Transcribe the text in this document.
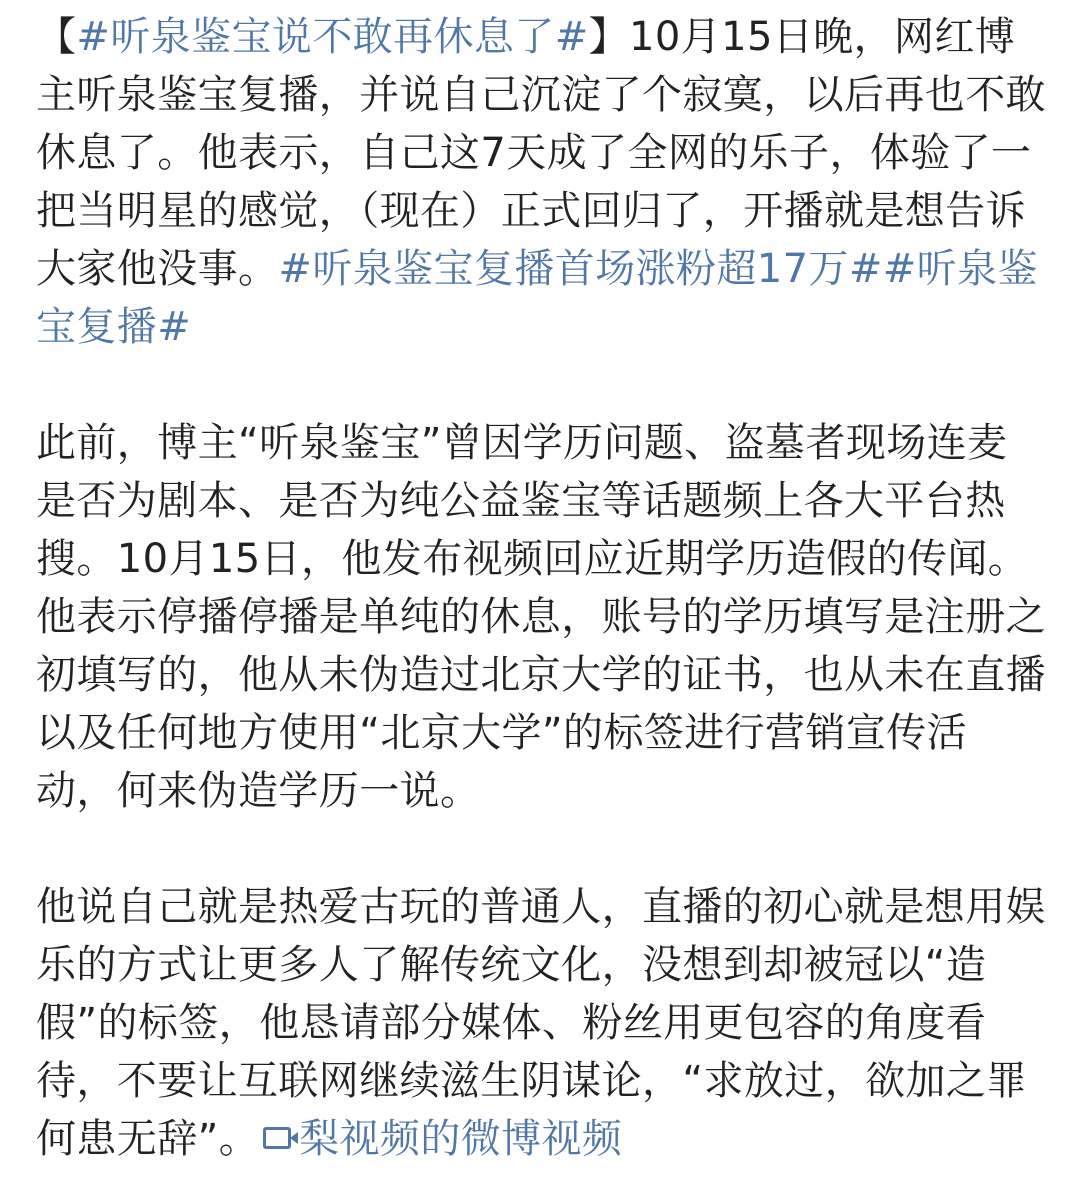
【#听泉鉴宝说不敢再休息了#】10月15日晚，网红博主听泉鉴宝复播，并说自己沉淀了个寂寞，以后再也不敢休息了。他表示，自己这7天成了全网的乐子，体验了一把当明星的感觉，（现在）正式回归了，开播就是想告诉大家他没事。#听泉鉴宝复播首场涨粉超17万##听泉鉴宝复播#

此前，博主“听泉鉴宝”曾因学历问题、盗墓者现场连麦是否为剧本、是否为纯公益鉴宝等话题频上各大平台热搜。10月15日，他发布视频回应近期学历造假的传闻。他表示停播停播是单纯的休息，账号的学历填写是注册之初填写的，他从未伪造过北京大学的证书，也从未在直播以及任何地方使用“北京大学”的标签进行营销宣传活动，何来伪造学历一说。

他说自己就是热爱古玩的普通人，直播的初心就是想用娱乐的方式让更多人了解传统文化，没想到却被冠以“造假”的标签，他恳请部分媒体、粉丝用更包容的角度看待，不要让互联网继续滋生阴谋论，“求放过，欲加之罪何患无辞”。 梨视频的微博视频
